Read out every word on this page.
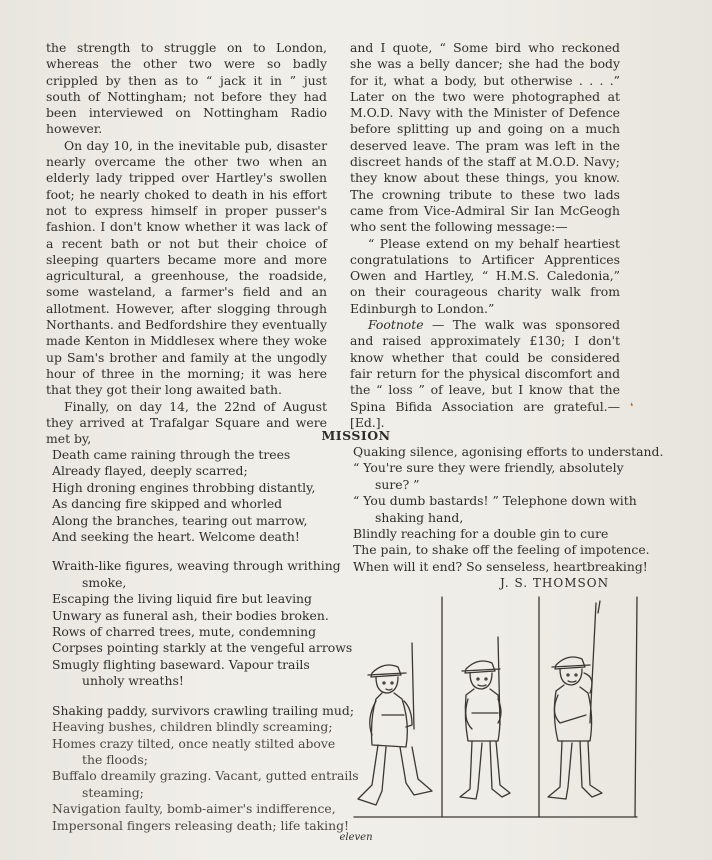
the strength to struggle on to London, whereas the other two were so badly crippled by then as to “ jack it in ” just south of Nottingham; not before they had been interviewed on Nottingham Radio however.

On day 10, in the inevitable pub, disaster nearly overcame the other two when an elderly lady tripped over Hartley's swollen foot; he nearly choked to death in his effort not to express himself in proper pusser's fashion. I don't know whether it was lack of a recent bath or not but their choice of sleeping quarters became more and more agricultural, a greenhouse, the roadside, some wasteland, a farmer's field and an allotment. However, after slogging through Northants. and Bedfordshire they eventually made Kenton in Middlesex where they woke up Sam's brother and family at the ungodly hour of three in the morning; it was here that they got their long awaited bath.

Finally, on day 14, the 22nd of August they arrived at Trafalgar Square and were met by,

and I quote, “ Some bird who reckoned she was a belly dancer; she had the body for it, what a body, but otherwise . . . .” Later on the two were photographed at M.O.D. Navy with the Minister of Defence before splitting up and going on a much deserved leave. The pram was left in the discreet hands of the staff at M.O.D. Navy; they know about these things, you know. The crowning tribute to these two lads came from Vice-Admiral Sir Ian McGeogh who sent the following message:—

“ Please extend on my behalf heartiest congratulations to Artificer Apprentices Owen and Hartley, “ H.M.S. Caledonia,” on their courageous charity walk from Edinburgh to London.”

Footnote — The walk was sponsored and raised approximately £130; I don't know whether that could be considered fair return for the physical discomfort and the “ loss ” of leave, but I know that the Spina Bifida Association are grateful.—[Ed.].

❛
MISSION
Death came raining through the trees
Already flayed, deeply scarred;
High droning engines throbbing distantly,
As dancing fire skipped and whorled
Along the branches, tearing out marrow,
And seeking the heart. Welcome death!
Wraith-like figures, weaving through writhing
smoke,
Escaping the living liquid fire but leaving
Unwary as funeral ash, their bodies broken.
Rows of charred trees, mute, condemning
Corpses pointing starkly at the vengeful arrows
Smugly flighting baseward. Vapour trails
unholy wreaths!
Shaking paddy, survivors crawling trailing mud;
Heaving bushes, children blindly screaming;
Homes crazy tilted, once neatly stilted above
the floods;
Buffalo dreamily grazing. Vacant, gutted entrails
steaming;
Navigation faulty, bomb-aimer's indifference,
Impersonal fingers releasing death; life taking!
Quaking silence, agonising efforts to understand.
“ You're sure they were friendly, absolutely
sure? ”
“ You dumb bastards! ” Telephone down with
shaking hand,
Blindly reaching for a double gin to cure
The pain, to shake off the feeling of impotence.
When will it end? So senseless, heartbreaking!
J. S. THOMSON
eleven
